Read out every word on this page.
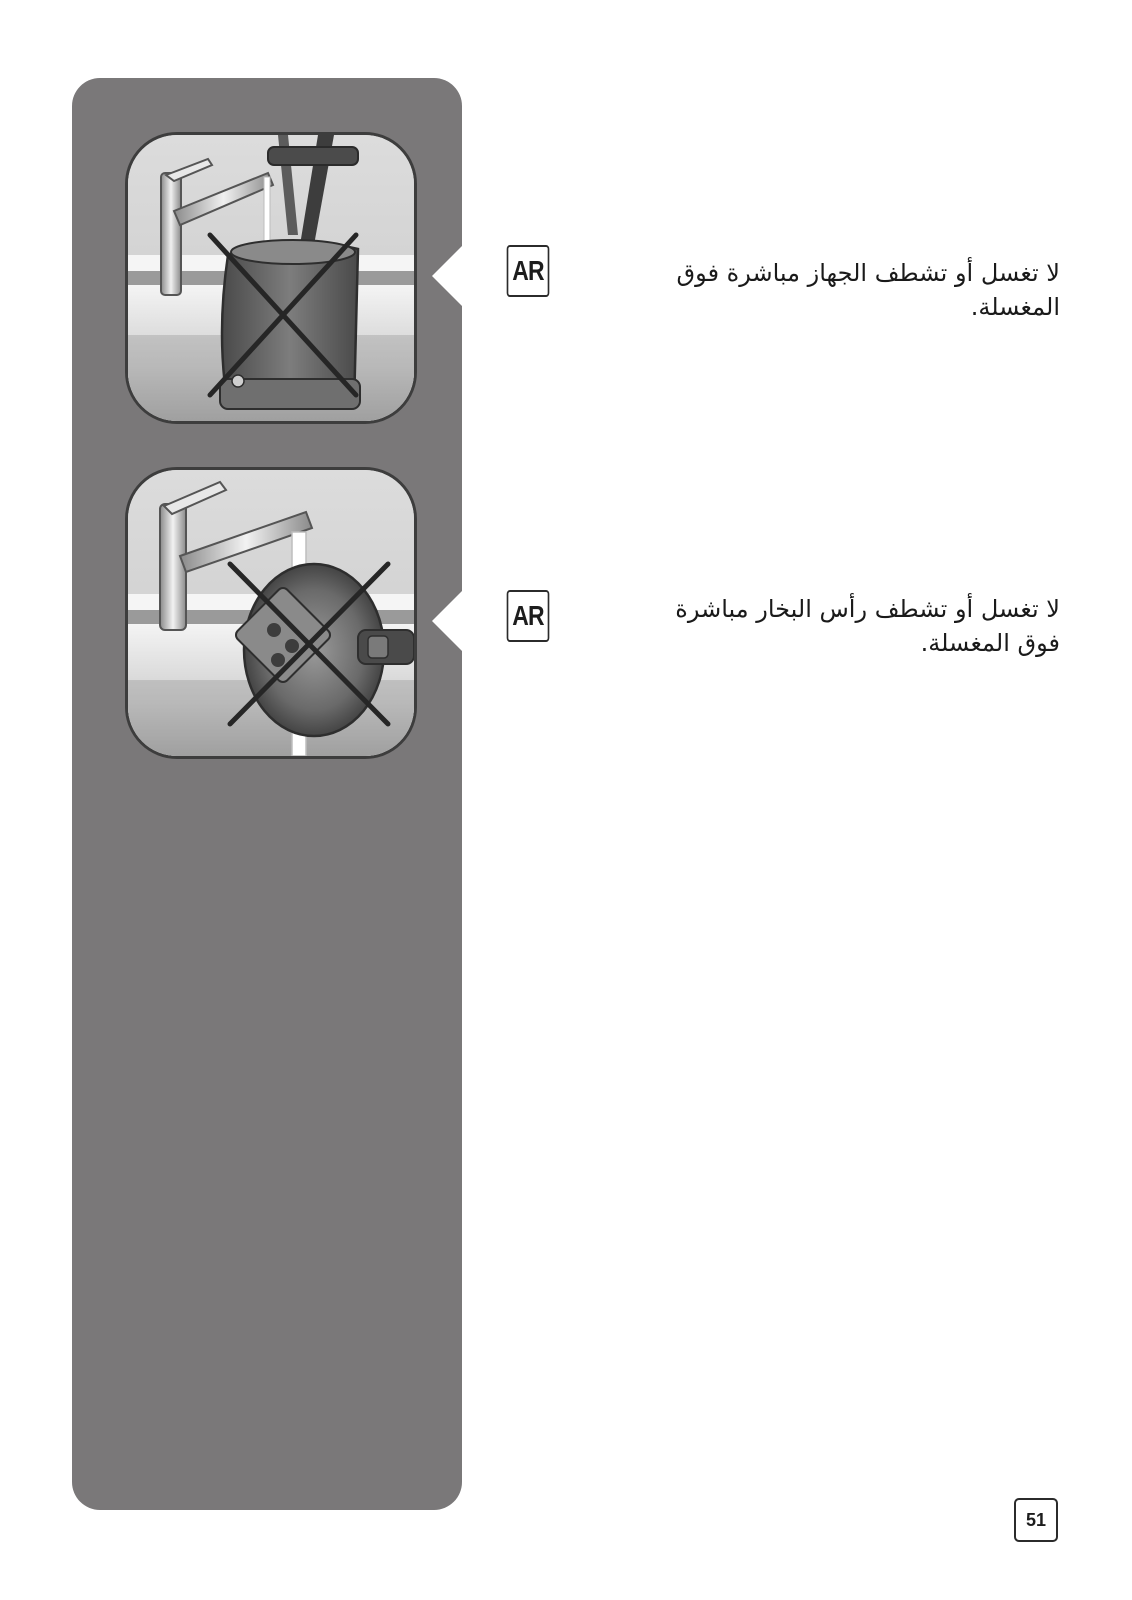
AR	لا تغسل أو تشطف الجهاز مباشرة فوق المغسلة.
AR	لا تغسل أو تشطف رأس البخار مباشرة فوق المغسلة.
51
